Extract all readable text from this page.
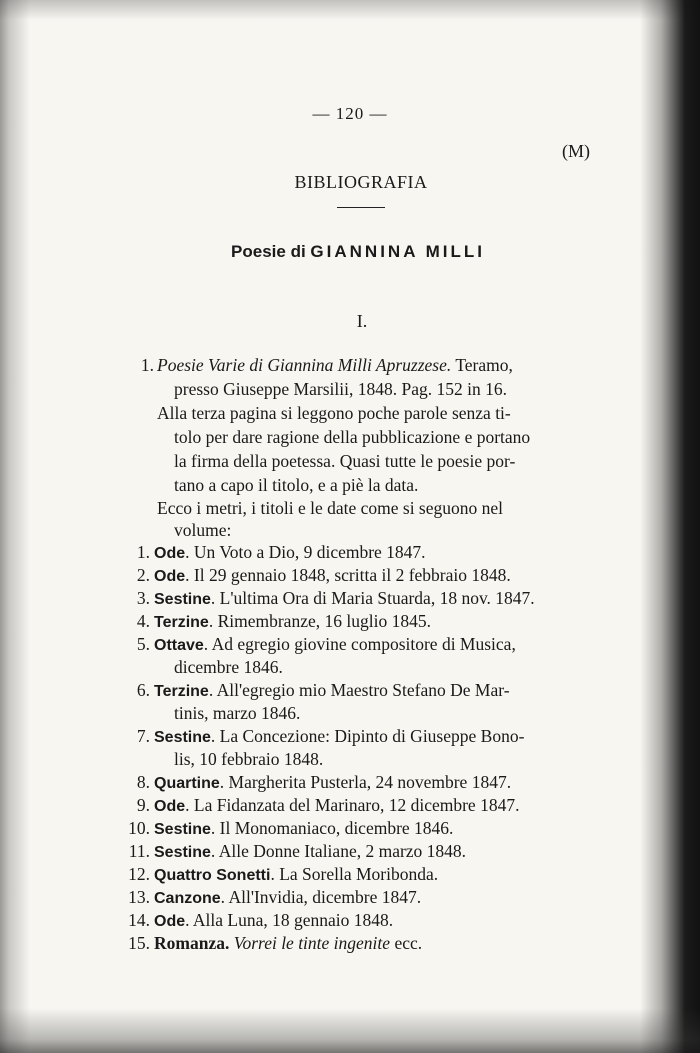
— 120 —
(M)
BIBLIOGRAFIA
Poesie di GIANNINA MILLI
I.
1. Poesie Varie di Giannina Milli Apruzzese. Teramo,
presso Giuseppe Marsilii, 1848. Pag. 152 in 16.
Alla terza pagina si leggono poche parole senza ti-
tolo per dare ragione della pubblicazione e portano
la firma della poetessa. Quasi tutte le poesie por-
tano a capo il titolo, e a piè la data.
Ecco i metri, i titoli e le date come si seguono nel
volume:
1. Ode. Un Voto a Dio, 9 dicembre 1847.
2. Ode. Il 29 gennaio 1848, scritta il 2 febbraio 1848.
3. Sestine. L'ultima Ora di Maria Stuarda, 18 nov. 1847.
4. Terzine. Rimembranze, 16 luglio 1845.
5. Ottave. Ad egregio giovine compositore di Musica,
dicembre 1846.
6. Terzine. All'egregio mio Maestro Stefano De Mar-
tinis, marzo 1846.
7. Sestine. La Concezione: Dipinto di Giuseppe Bono-
lis, 10 febbraio 1848.
8. Quartine. Margherita Pusterla, 24 novembre 1847.
9. Ode. La Fidanzata del Marinaro, 12 dicembre 1847.
10. Sestine. Il Monomaniaco, dicembre 1846.
11. Sestine. Alle Donne Italiane, 2 marzo 1848.
12. Quattro Sonetti. La Sorella Moribonda.
13. Canzone. All'Invidia, dicembre 1847.
14. Ode. Alla Luna, 18 gennaio 1848.
15. Romanza. Vorrei le tinte ingenite ecc.
